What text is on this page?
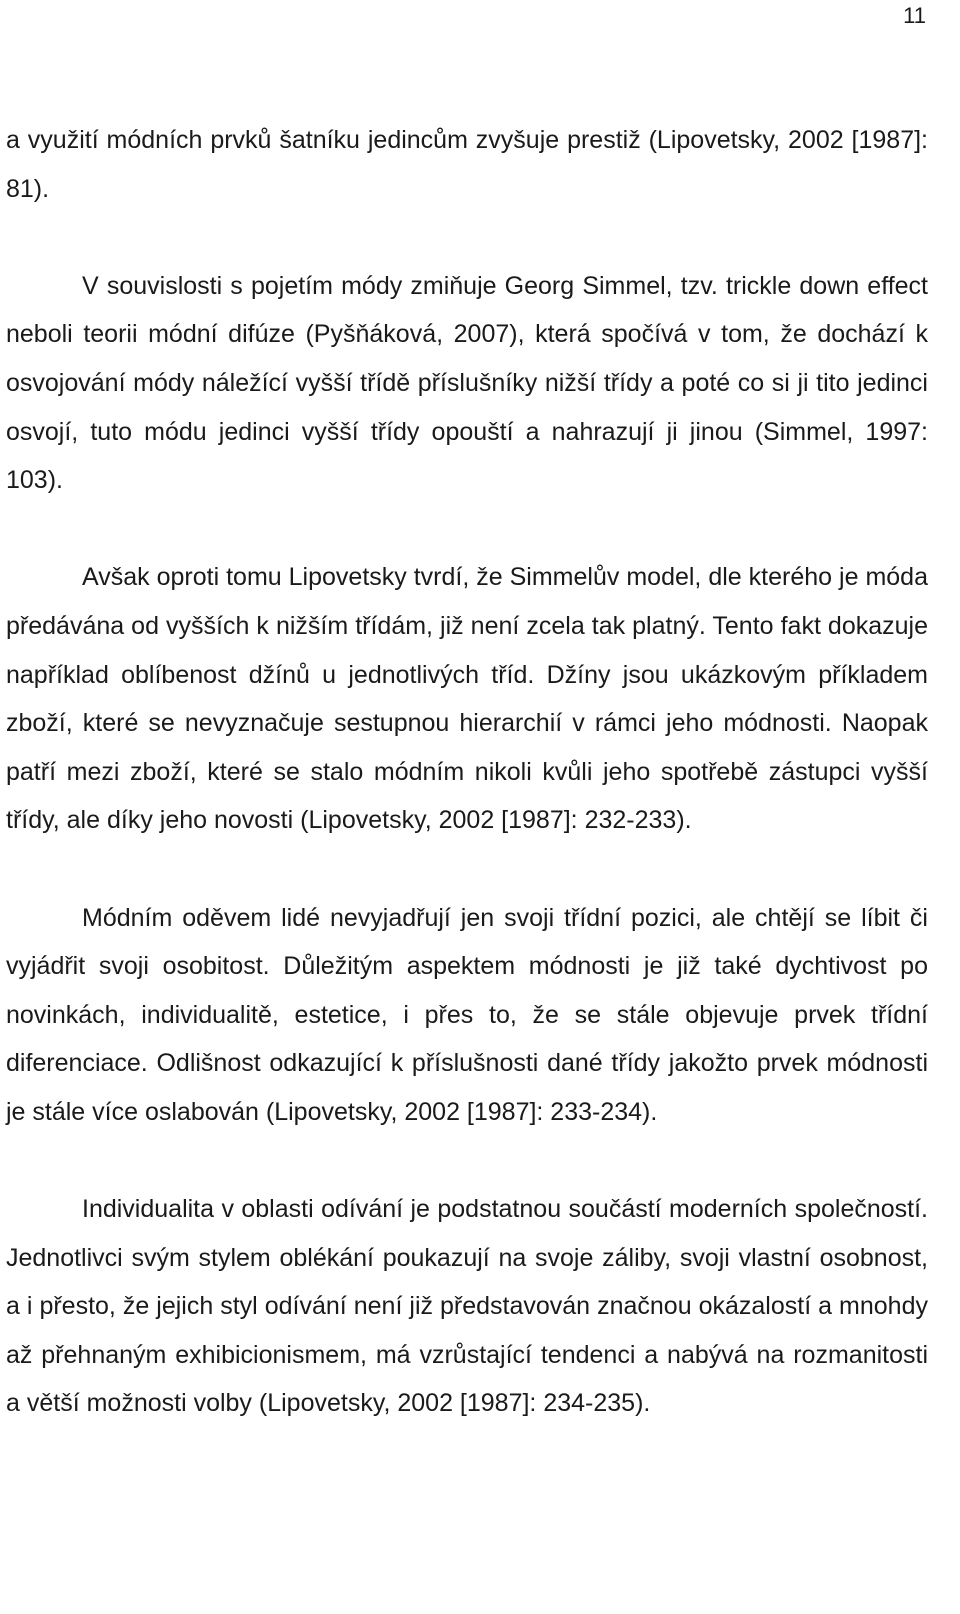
11

a využití módních prvků šatníku jedincům zvyšuje prestiž (Lipovetsky, 2002 [1987]: 81).

V souvislosti s pojetím módy zmiňuje Georg Simmel, tzv. trickle down effect neboli teorii módní difúze (Pyšňáková, 2007), která spočívá v tom, že dochází k osvojování módy náležící vyšší třídě příslušníky nižší třídy a poté co si ji tito jedinci osvojí, tuto módu jedinci vyšší třídy opouští a nahrazují ji jinou (Simmel, 1997: 103).

Avšak oproti tomu Lipovetsky tvrdí, že Simmelův model, dle kterého je móda předávána od vyšších k nižším třídám, již není zcela tak platný. Tento fakt dokazuje například oblíbenost džínů u jednotlivých tříd. Džíny jsou ukázkovým příkladem zboží, které se nevyznačuje sestupnou hierarchií v rámci jeho módnosti. Naopak patří mezi zboží, které se stalo módním nikoli kvůli jeho spotřebě zástupci vyšší třídy, ale díky jeho novosti (Lipovetsky, 2002 [1987]: 232-233).

Módním oděvem lidé nevyjadřují jen svoji třídní pozici, ale chtějí se líbit či vyjádřit svoji osobitost. Důležitým aspektem módnosti je již také dychtivost po novinkách, individualitě, estetice, i přes to, že se stále objevuje prvek třídní diferenciace. Odlišnost odkazující k příslušnosti dané třídy jakožto prvek módnosti je stále více oslabován (Lipovetsky, 2002 [1987]: 233-234).

Individualita v oblasti odívání je podstatnou součástí moderních společností. Jednotlivci svým stylem oblékání poukazují na svoje záliby, svoji vlastní osobnost, a i přesto, že jejich styl odívání není již představován značnou okázalostí a mnohdy až přehnaným exhibicionismem, má vzrůstající tendenci a nabývá na rozmanitosti a větší možnosti volby (Lipovetsky, 2002 [1987]: 234-235).
